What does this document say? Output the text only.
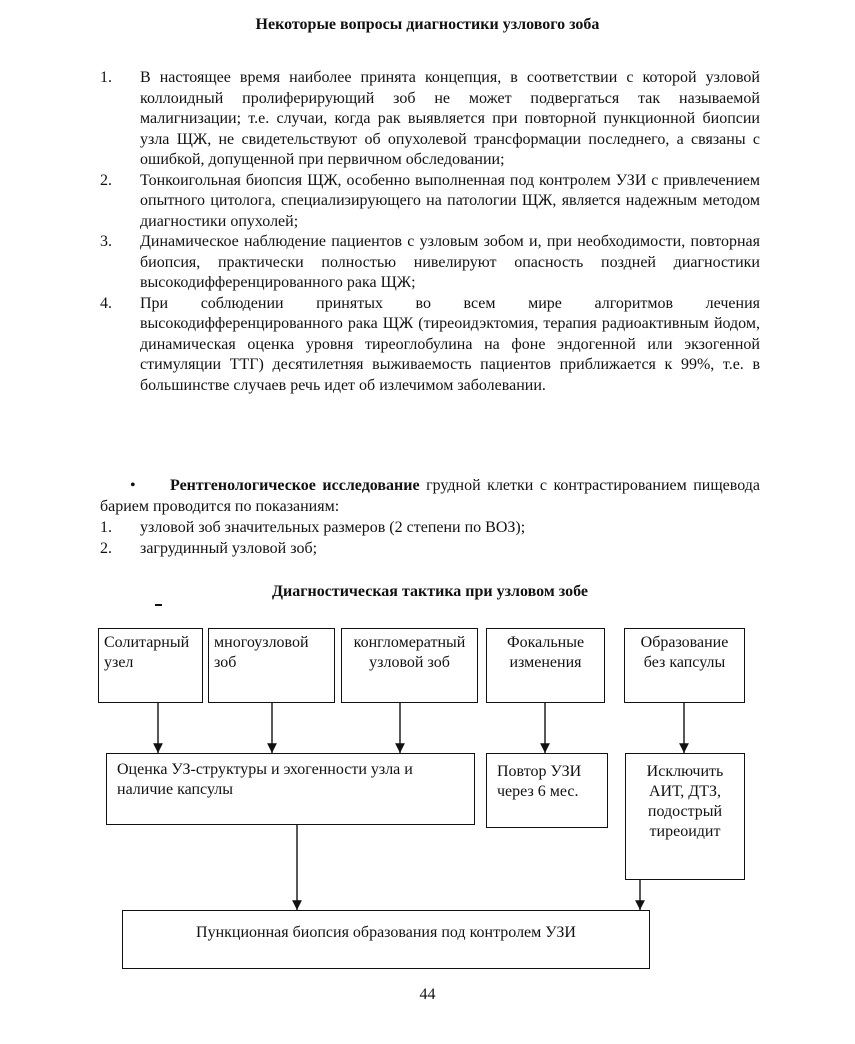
Некоторые вопросы диагностики узлового зоба
1. В настоящее время наиболее принята концепция, в соответствии с которой узловой коллоидный пролиферирующий зоб не может подвергаться так называемой малигнизации; т.е. случаи, когда рак выявляется при повторной пункционной биопсии узла ЩЖ, не свидетельствуют об опухолевой трансформации последнего, а связаны с ошибкой, допущенной при первичном обследовании;
2. Тонкоигольная биопсия ЩЖ, особенно выполненная под контролем УЗИ с привлечением опытного цитолога, специализирующего на патологии ЩЖ, является надежным методом диагностики опухолей;
3. Динамическое наблюдение пациентов с узловым зобом и, при необходимости, повторная биопсия, практически полностью нивелируют опасность поздней диагностики высокодифференцированного рака ЩЖ;
4. При соблюдении принятых во всем мире алгоритмов лечения высокодифференцированного рака ЩЖ (тиреоидэктомия, терапия радиоактивным йодом, динамическая оценка уровня тиреоглобулина на фоне эндогенной или экзогенной стимуляции ТТГ) десятилетняя выживаемость пациентов приближается к 99%, т.е. в большинстве случаев речь идет об излечимом заболевании.
• Рентгенологическое исследование грудной клетки с контрастированием пищевода барием проводится по показаниям:
1. узловой зоб значительных размеров (2 степени по ВОЗ);
2. загрудинный узловой зоб;
Диагностическая тактика при узловом зобе
Солитарный узел
многоузловой зоб
конгломератный узловой зоб
Фокальные изменения
Образование без капсулы
Оценка УЗ-структуры и эхогенности узла и наличие капсулы
Повтор УЗИ через 6 мес.
Исключить АИТ, ДТЗ, подострый тиреоидит
Пункционная биопсия образования под контролем УЗИ
44
